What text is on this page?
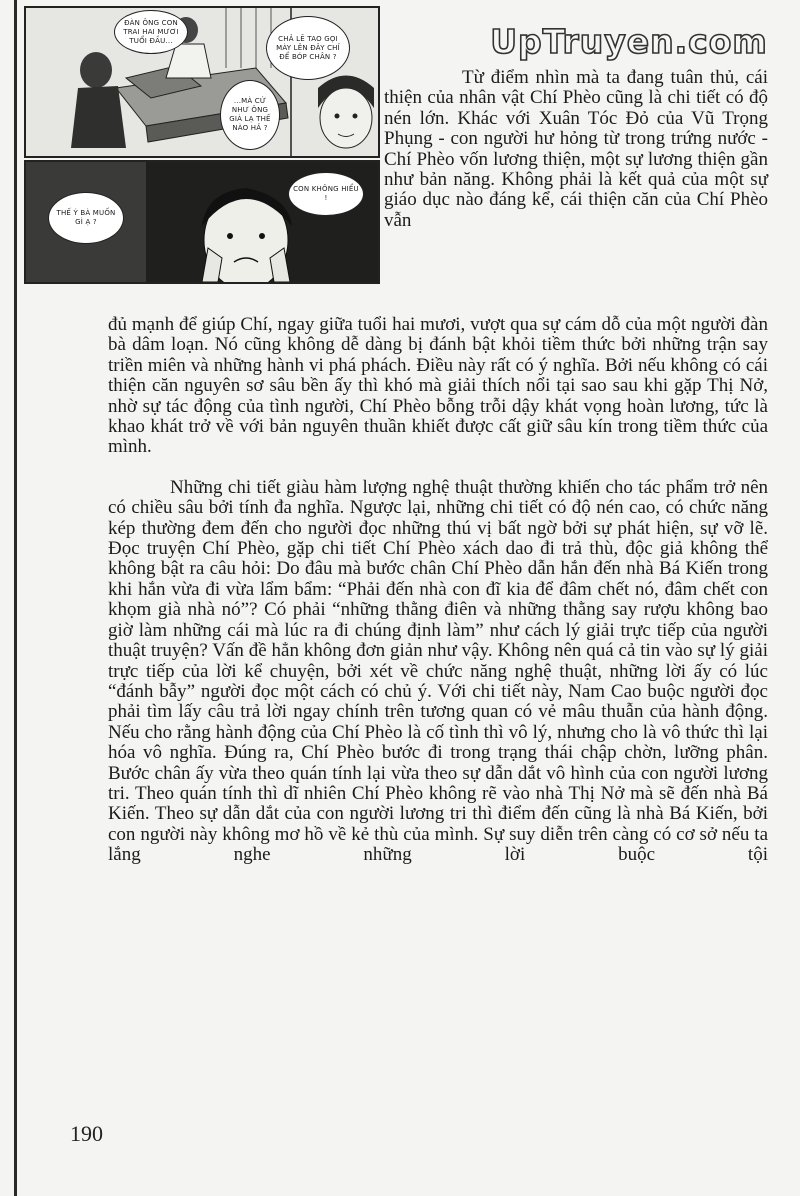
ĐÀN ÔNG CON TRAI HAI MƯƠI TUỔI ĐẦU...	CHẢ LẼ TAO GỌI MÀY LÊN ĐÂY CHỈ ĐỂ BÓP CHÂN ?
...MÀ CỨ NHƯ ÔNG GIÀ LẠ THẾ NÀO HẢ ?
THẾ Ý BÀ MUỐN GÌ Ạ ?
CON KHÔNG HIỂU !
UpTruyen.com

Từ điểm nhìn mà ta đang tuân thủ, cái thiện của nhân vật Chí Phèo cũng là chi tiết có độ nén lớn. Khác với Xuân Tóc Đỏ của Vũ Trọng Phụng - con người hư hỏng từ trong trứng nước - Chí Phèo vốn lương thiện, một sự lương thiện gần như bản năng. Không phải là kết quả của một sự giáo dục nào đáng kể, cái thiện căn của Chí Phèo vẫn

đủ mạnh để giúp Chí, ngay giữa tuổi hai mươi, vượt qua sự cám dỗ của một người đàn bà dâm loạn. Nó cũng không dễ dàng bị đánh bật khỏi tiềm thức bởi những trận say triền miên và những hành vi phá phách. Điều này rất có ý nghĩa. Bởi nếu không có cái thiện căn nguyên sơ sâu bền ấy thì khó mà giải thích nổi tại sao sau khi gặp Thị Nở, nhờ sự tác động của tình người, Chí Phèo bỗng trỗi dậy khát vọng hoàn lương, tức là khao khát trở về với bản nguyên thuần khiết được cất giữ sâu kín trong tiềm thức của mình.

Những chi tiết giàu hàm lượng nghệ thuật thường khiến cho tác phẩm trở nên có chiều sâu bởi tính đa nghĩa. Ngược lại, những chi tiết có độ nén cao, có chức năng kép thường đem đến cho người đọc những thú vị bất ngờ bởi sự phát hiện, sự vỡ lẽ. Đọc truyện Chí Phèo, gặp chi tiết Chí Phèo xách dao đi trả thù, độc giả không thể không bật ra câu hỏi: Do đâu mà bước chân Chí Phèo dẫn hắn đến nhà Bá Kiến trong khi hắn vừa đi vừa lẩm bẩm: “Phải đến nhà con đĩ kia để đâm chết nó, đâm chết con khọm già nhà nó”? Có phải “những thằng điên và những thằng say rượu không bao giờ làm những cái mà lúc ra đi chúng định làm” như cách lý giải trực tiếp của người thuật truyện? Vấn đề hẳn không đơn giản như vậy. Không nên quá cả tin vào sự lý giải trực tiếp của lời kể chuyện, bởi xét về chức năng nghệ thuật, những lời ấy có lúc “đánh bẫy” người đọc một cách có chủ ý. Với chi tiết này, Nam Cao buộc người đọc phải tìm lấy câu trả lời ngay chính trên tương quan có vẻ mâu thuẫn của hành động. Nếu cho rằng hành động của Chí Phèo là cố tình thì vô lý, nhưng cho là vô thức thì lại hóa vô nghĩa. Đúng ra, Chí Phèo bước đi trong trạng thái chập chờn, lưỡng phân. Bước chân ấy vừa theo quán tính lại vừa theo sự dẫn dắt vô hình của con người lương tri. Theo quán tính thì dĩ nhiên Chí Phèo không rẽ vào nhà Thị Nở mà sẽ đến nhà Bá Kiến. Theo sự dẫn dắt của con người lương tri thì điểm đến cũng là nhà Bá Kiến, bởi con người này không mơ hồ về kẻ thù của mình. Sự suy diễn trên càng có cơ sở nếu ta lắng nghe những lời buộc tội

190
